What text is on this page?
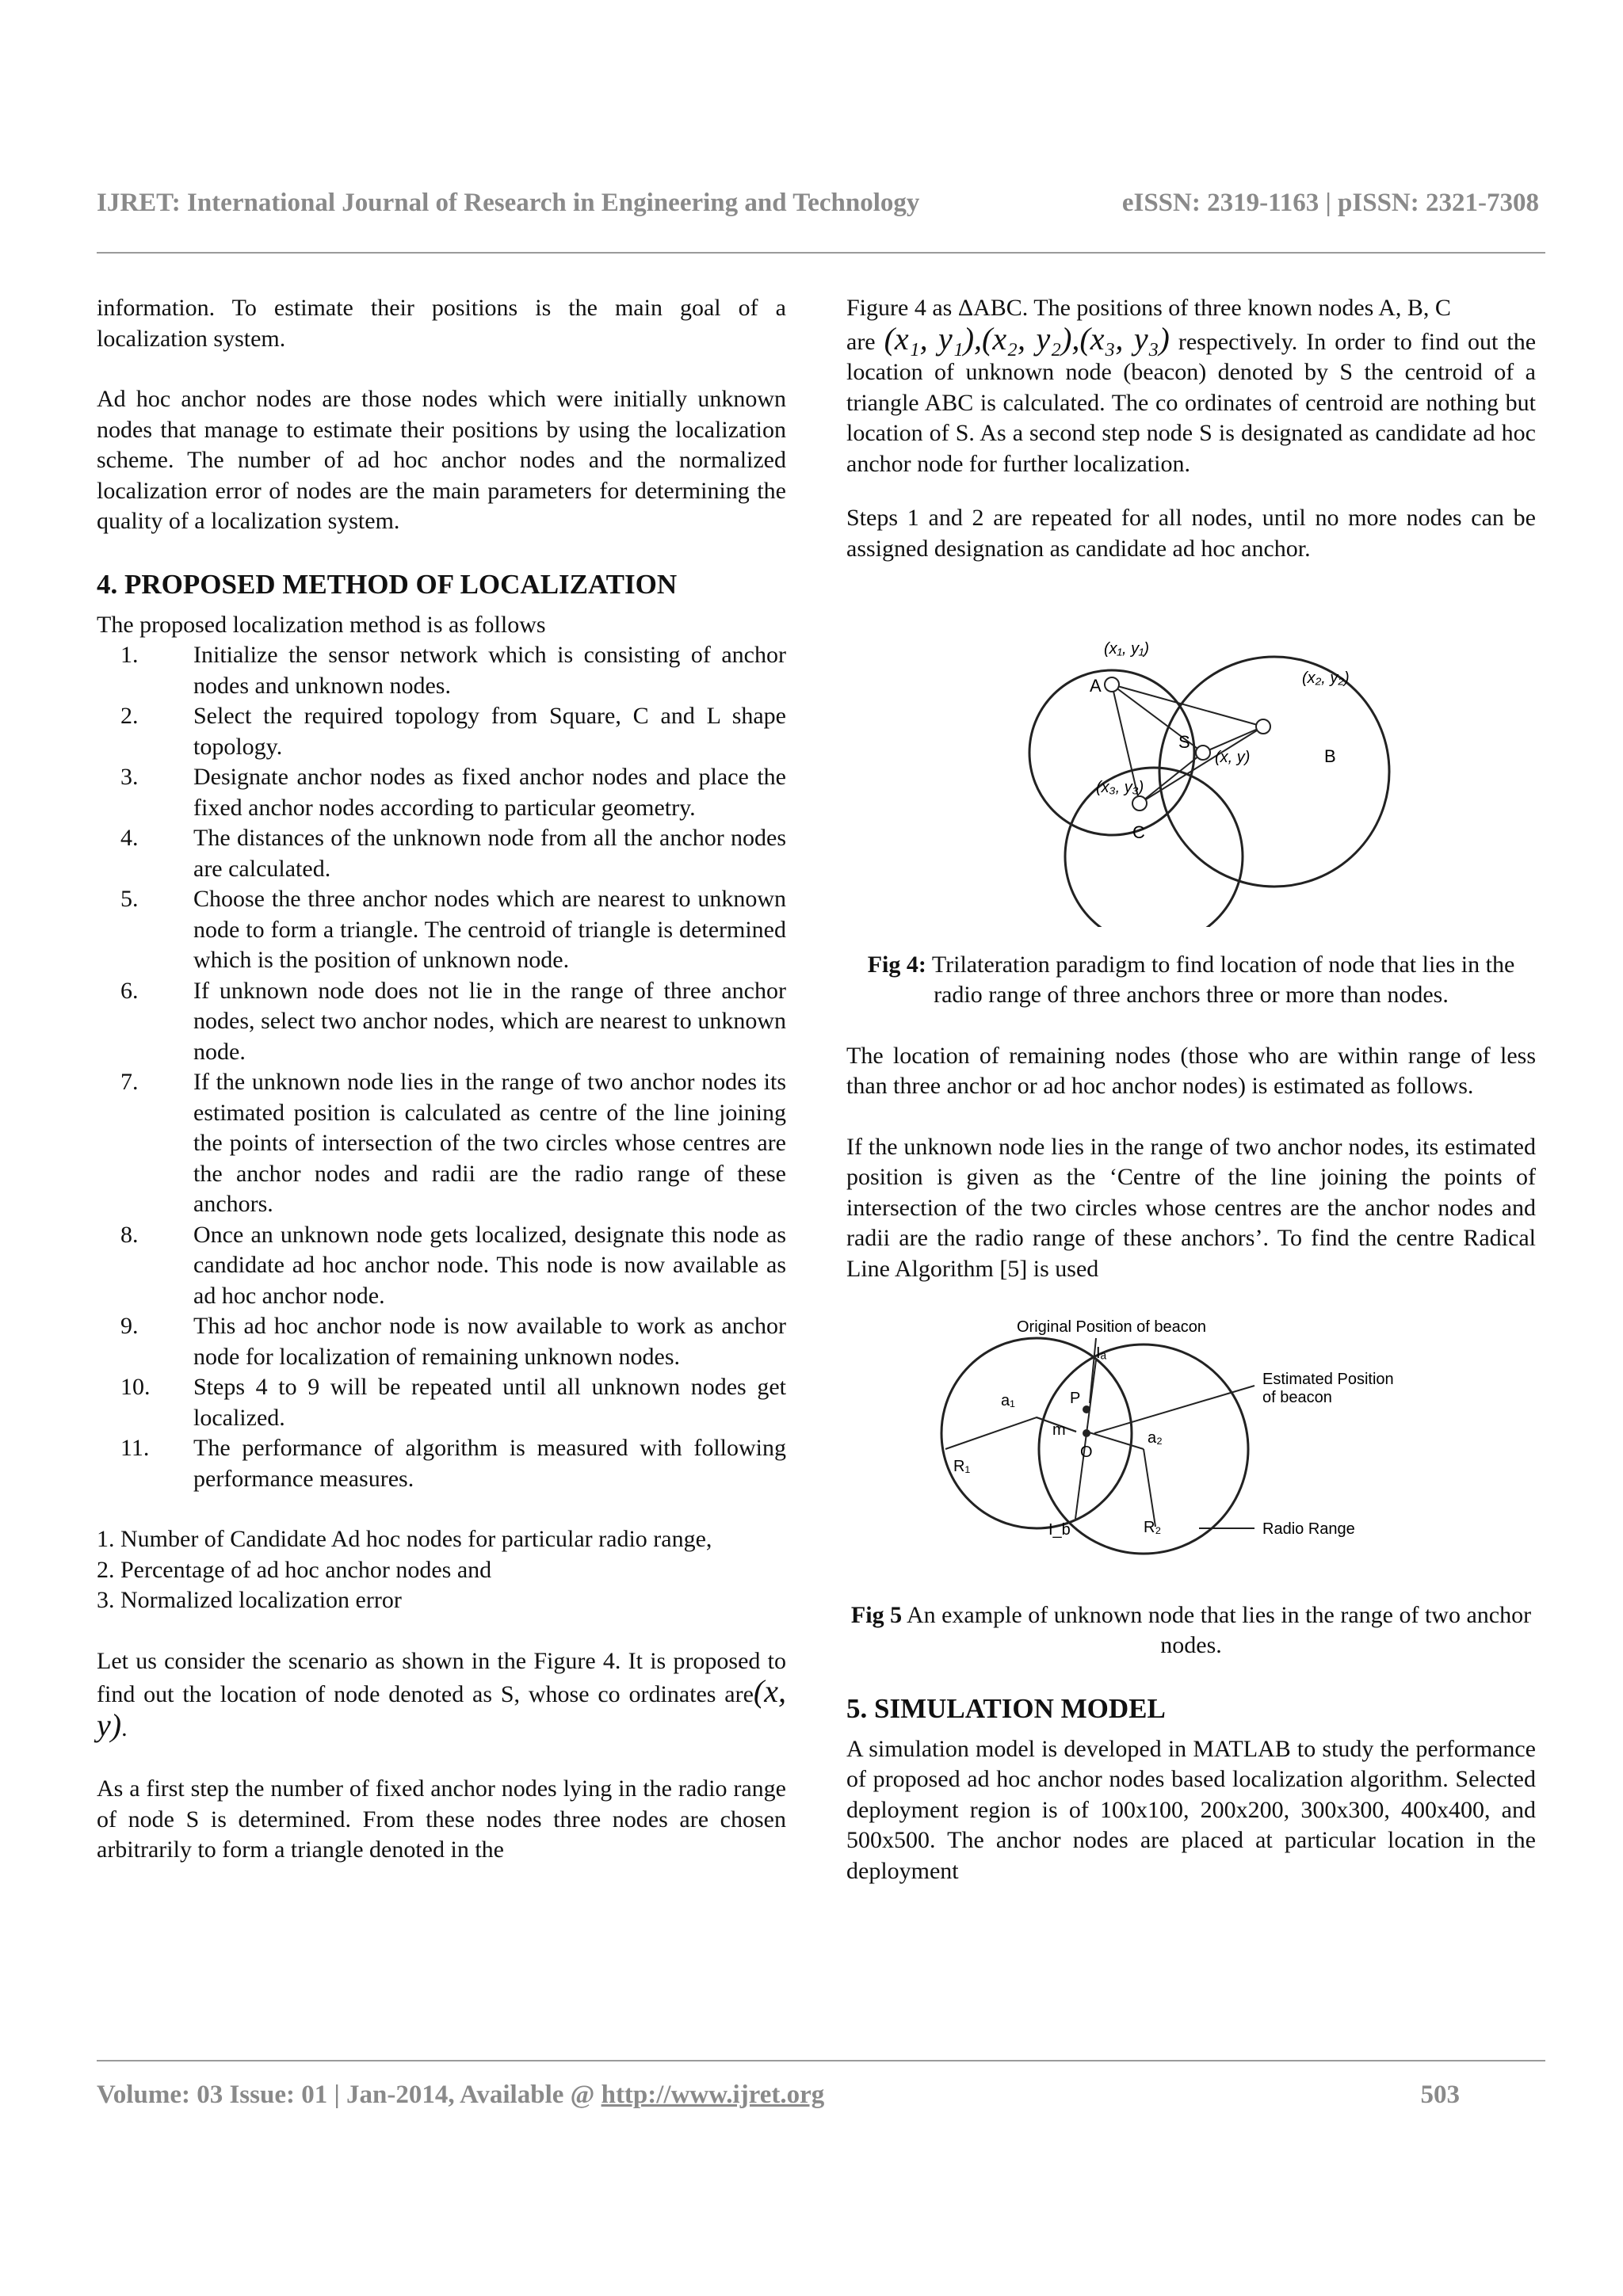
IJRET: International Journal of Research in Engineering and Technology	eISSN: 2319-1163 | pISSN: 2321-7308

information. To estimate their positions is the main goal of a localization system.

Ad hoc anchor nodes are those nodes which were initially unknown nodes that manage to estimate their positions by using the localization scheme. The number of ad hoc anchor nodes and the normalized localization error of nodes are the main parameters for determining the quality of a localization system.

4. PROPOSED METHOD OF LOCALIZATION
The proposed localization method is as follows
1.	Initialize the sensor network which is consisting of anchor nodes and unknown nodes.
2.	Select the required topology from Square, C and L shape topology.
3.	Designate anchor nodes as fixed anchor nodes and place the fixed anchor nodes according to particular geometry.
4.	The distances of the unknown node from all the anchor nodes are calculated.
5.	Choose the three anchor nodes which are nearest to unknown node to form a triangle. The centroid of triangle is determined which is the position of unknown node.
6.	If unknown node does not lie in the range of three anchor nodes, select two anchor nodes, which are nearest to unknown node.
7.	If the unknown node lies in the range of two anchor nodes its estimated position is calculated as centre of the line joining the points of intersection of the two circles whose centres are the anchor nodes and radii are the radio range of these anchors.
8.	Once an unknown node gets localized, designate this node as candidate ad hoc anchor node. This node is now available as ad hoc anchor node.
9.	This ad hoc anchor node is now available to work as anchor node for localization of remaining unknown nodes.
10.	Steps 4 to 9 will be repeated until all unknown nodes get localized.
11.	The performance of algorithm is measured with following performance measures.
1. Number of Candidate Ad hoc nodes for particular radio range,
2. Percentage of ad hoc anchor nodes and
3. Normalized localization error

Let us consider the scenario as shown in the Figure 4. It is proposed to find out the location of node denoted as S, whose co ordinates are(x, y).

As a first step the number of fixed anchor nodes lying in the radio range of node S is determined. From these nodes three nodes are chosen arbitrarily to form a triangle denoted in the

Figure 4 as ΔABC. The positions of three known nodes A, B, C
are (x₁, y₁),(x₂, y₂),(x₃, y₃) respectively. In order to find out the location of unknown node (beacon) denoted by S the centroid of a triangle ABC is calculated. The co ordinates of centroid are nothing but location of S. As a second step node S is designated as candidate ad hoc anchor node for further localization.

Steps 1 and 2 are repeated for all nodes, until no more nodes can be assigned designation as candidate ad hoc anchor.

(x₁, y₁)
A	(x₂, y₂)
B
(x₃, y₃)
C
S
(x, y)

Fig 4: Trilateration paradigm to find location of node that lies in the radio range of three anchors three or more than nodes.

The location of remaining nodes (those who are within range of less than three anchor or ad hoc anchor nodes) is estimated as follows.

If the unknown node lies in the range of two anchor nodes, its estimated position is given as the ‘Centre of the line joining the points of intersection of the two circles whose centres are the anchor nodes and radii are the radio range of these anchors’. To find the centre Radical Line Algorithm [5] is used

Original Position of beacon
Estimated Position
of beacon
Radio Range
Iₐ
I_b
P
O
m
a₁
a₂
R₁
R₂

Fig 5 An example of unknown node that lies in the range of two anchor nodes.

5. SIMULATION MODEL

A simulation model is developed in MATLAB to study the performance of proposed ad hoc anchor nodes based localization algorithm. Selected deployment region is of 100x100, 200x200, 300x300, 400x400, and 500x500. The anchor nodes are placed at particular location in the deployment

Volume: 03 Issue: 01 | Jan-2014, Available @ http://www.ijret.org	503
